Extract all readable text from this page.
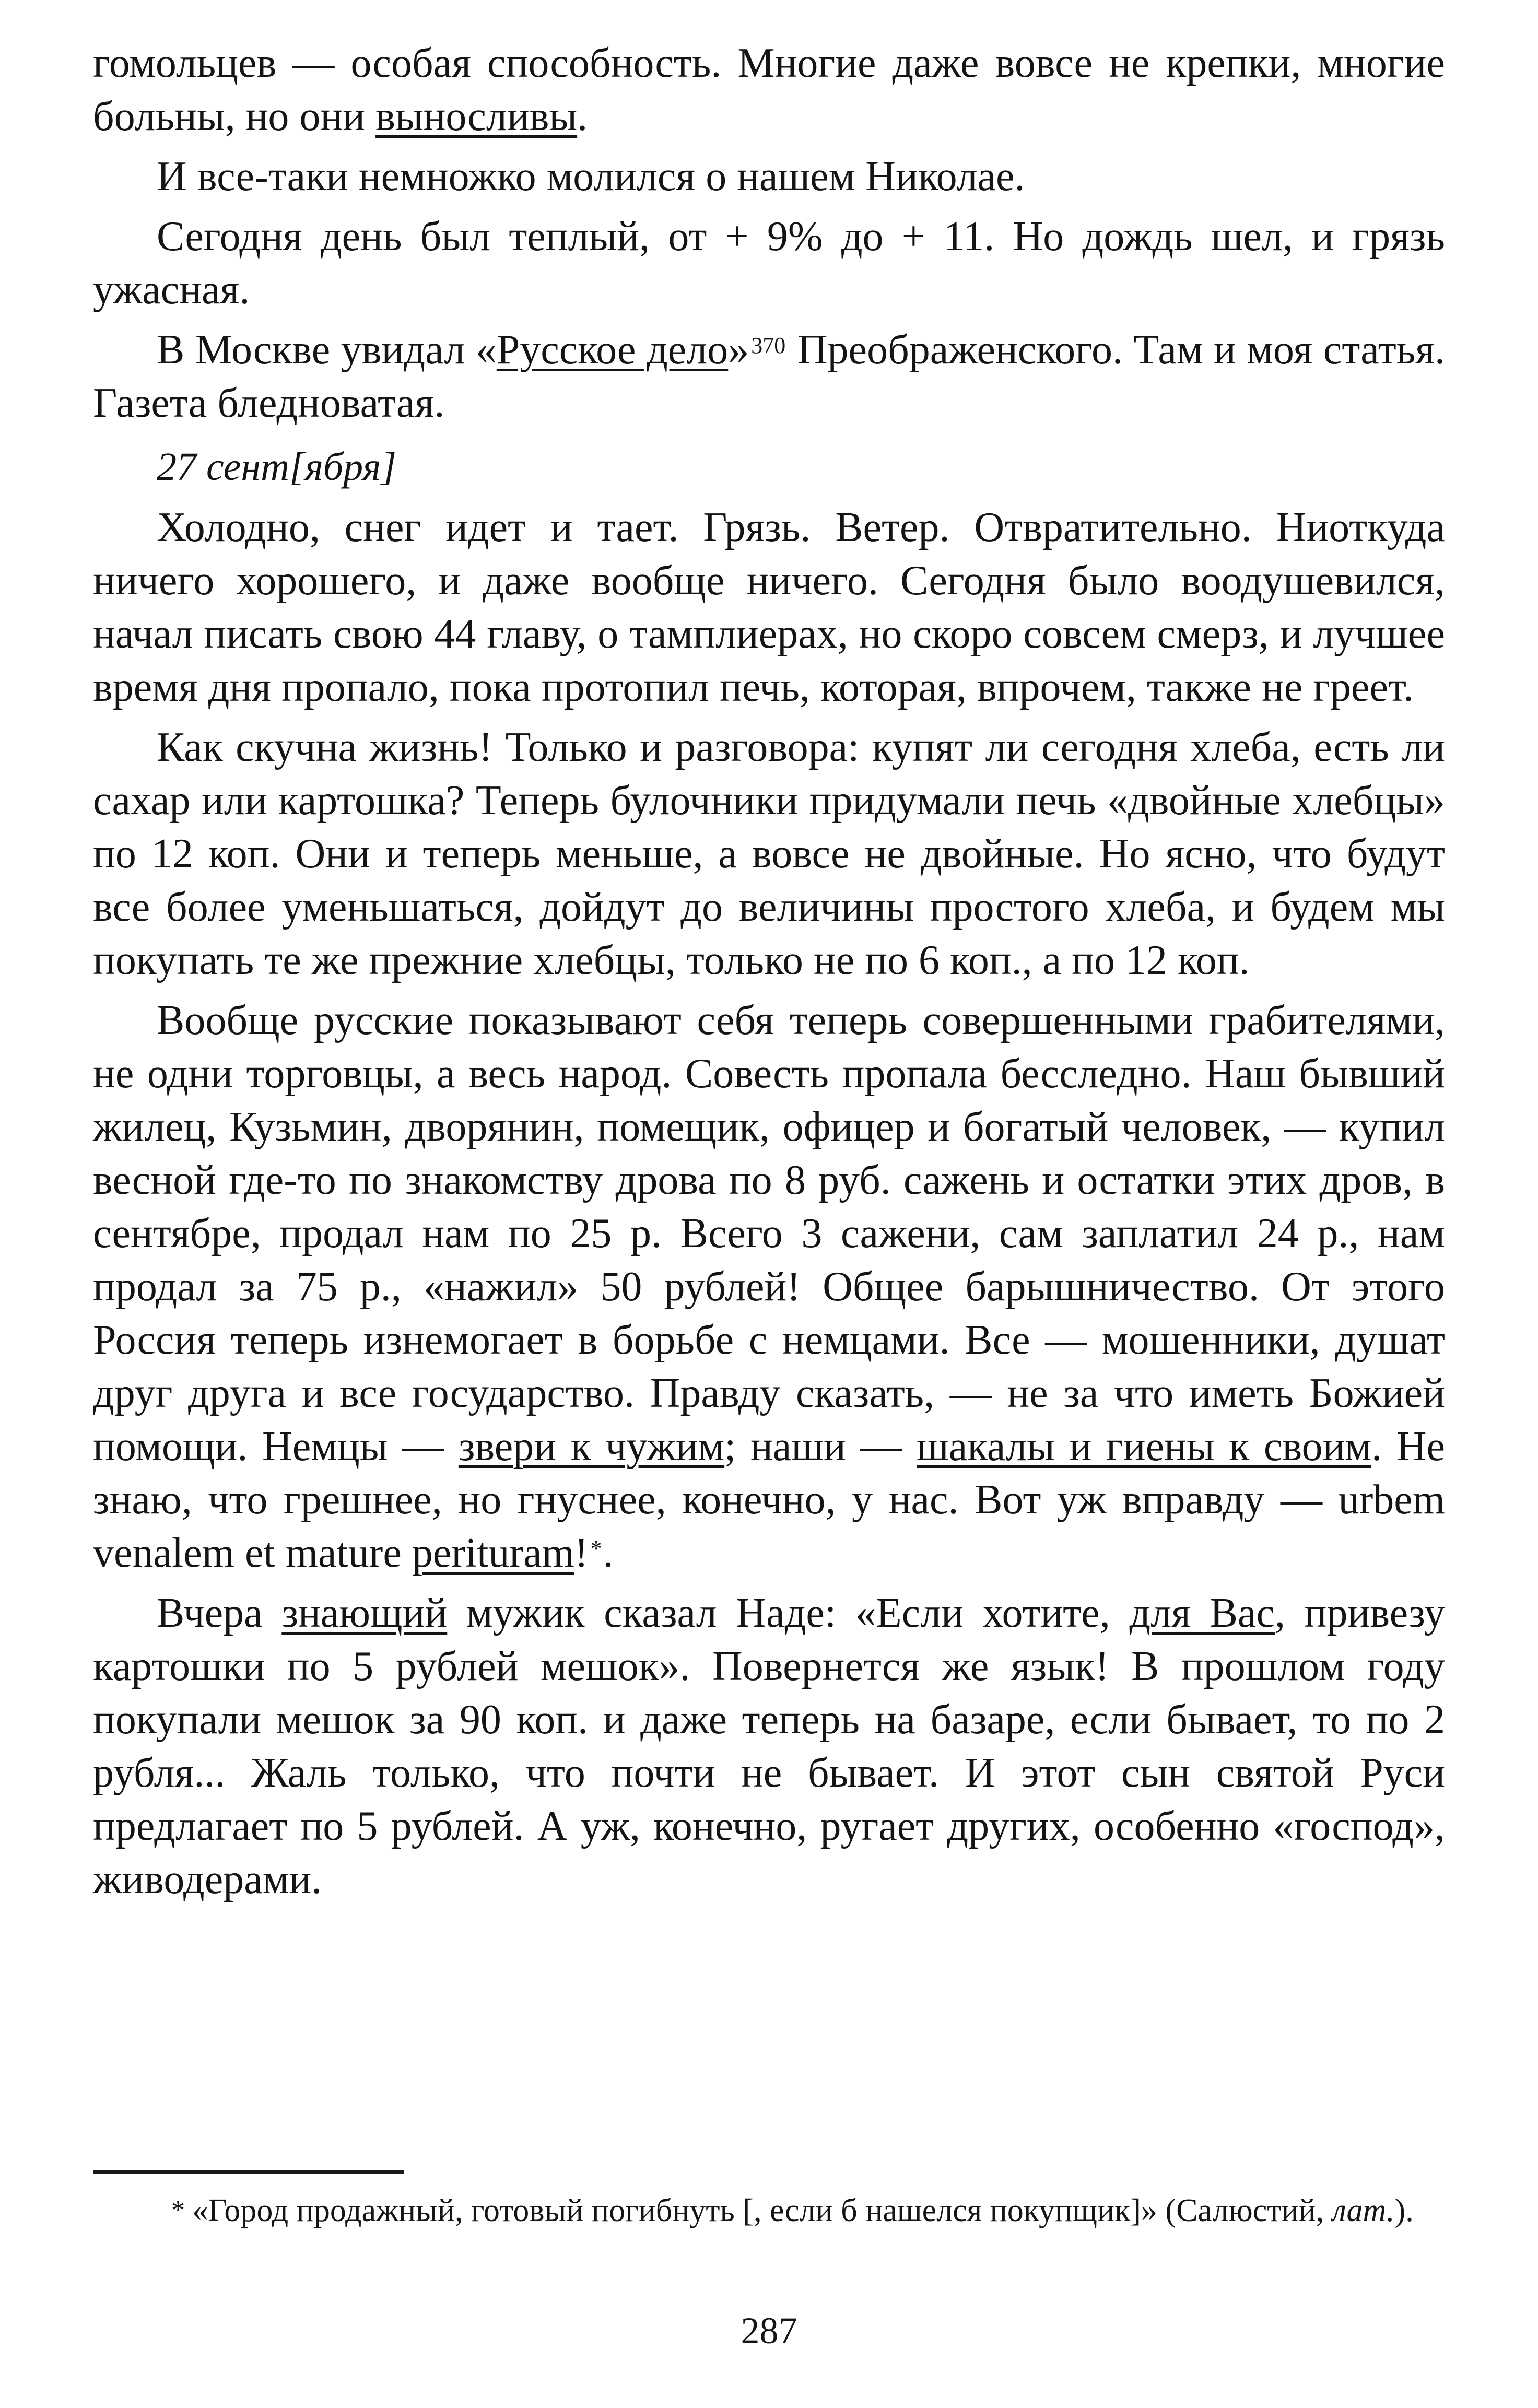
гомольцев — особая способность. Многие даже вовсе не крепки, многие больны, но они выносливы.
И все-таки немножко молился о нашем Николае.
Сегодня день был теплый, от + 9% до + 11. Но дождь шел, и грязь ужасная.
В Москве увидал «Русское дело»$^{370}$ Преображенского. Там и моя статья. Газета бледноватая.
27 сент[ября]
Холодно, снег идет и тает. Грязь. Ветер. Отвратительно. Ниоткуда ничего хорошего, и даже вообще ничего. Сегодня было воодушевился, начал писать свою 44 главу, о тамплиерах, но скоро совсем смерз, и лучшее время дня пропало, пока протопил печь, которая, впрочем, также не греет.
Как скучна жизнь! Только и разговора: купят ли сегодня хлеба, есть ли сахар или картошка? Теперь булочники придумали печь «двойные хлебцы» по 12 коп. Они и теперь меньше, а вовсе не двойные. Но ясно, что будут все более уменьшаться, дойдут до величины простого хлеба, и будем мы покупать те же прежние хлебцы, только не по 6 коп., а по 12 коп.
Вообще русские показывают себя теперь совершенными грабителями, не одни торговцы, а весь народ. Совесть пропала бесследно. Наш бывший жилец, Кузьмин, дворянин, помещик, офицер и богатый человек, — купил весной где-то по знакомству дрова по 8 руб. сажень и остатки этих дров, в сентябре, продал нам по 25 р. Всего 3 сажени, сам заплатил 24 р., нам продал за 75 р., «нажил» 50 рублей! Общее барышничество. От этого Россия теперь изнемогает в борьбе с немцами. Все — мошенники, душат друг друга и все государство. Правду сказать, — не за что иметь Божией помощи. Немцы — звери к чужим; наши — шакалы и гиены к своим. Не знаю, что грешнее, но гнуснее, конечно, у нас. Вот уж вправду — urbem venalem et mature perituram!*.
Вчера знающий мужик сказал Наде: «Если хотите, для Вас, привезу картошки по 5 рублей мешок». Повернется же язык! В прошлом году покупали мешок за 90 коп. и даже теперь на базаре, если бывает, то по 2 рубля... Жаль только, что почти не бывает. И этот сын святой Руси предлагает по 5 рублей. А уж, конечно, ругает других, особенно «господ», живодерами.
* «Город продажный, готовый погибнуть [, если б нашелся покупщик]» (Салюстий, лат.).
287
